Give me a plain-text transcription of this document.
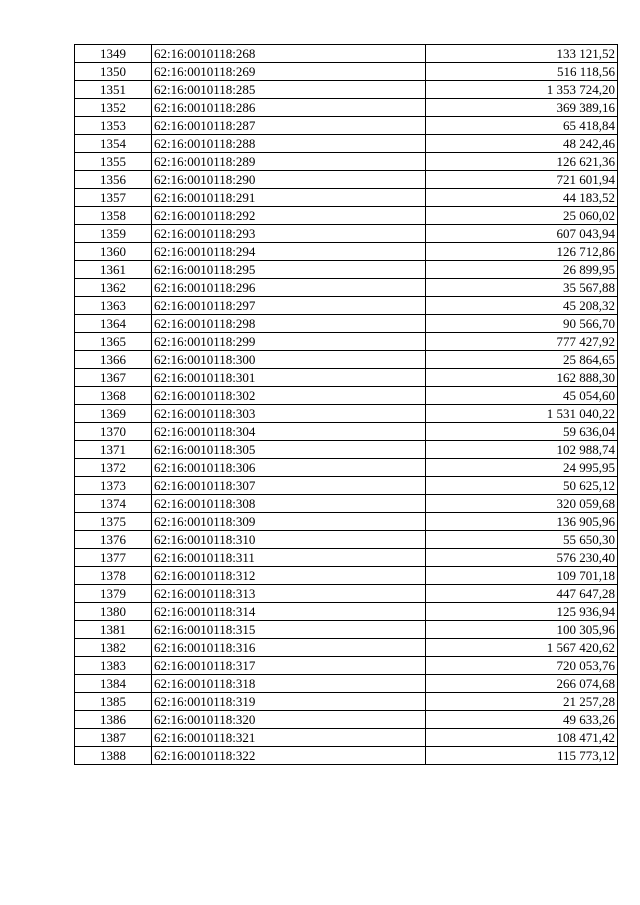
1349	62:16:0010118:268	133 121,52
1350	62:16:0010118:269	516 118,56
1351	62:16:0010118:285	1 353 724,20
1352	62:16:0010118:286	369 389,16
1353	62:16:0010118:287	65 418,84
1354	62:16:0010118:288	48 242,46
1355	62:16:0010118:289	126 621,36
1356	62:16:0010118:290	721 601,94
1357	62:16:0010118:291	44 183,52
1358	62:16:0010118:292	25 060,02
1359	62:16:0010118:293	607 043,94
1360	62:16:0010118:294	126 712,86
1361	62:16:0010118:295	26 899,95
1362	62:16:0010118:296	35 567,88
1363	62:16:0010118:297	45 208,32
1364	62:16:0010118:298	90 566,70
1365	62:16:0010118:299	777 427,92
1366	62:16:0010118:300	25 864,65
1367	62:16:0010118:301	162 888,30
1368	62:16:0010118:302	45 054,60
1369	62:16:0010118:303	1 531 040,22
1370	62:16:0010118:304	59 636,04
1371	62:16:0010118:305	102 988,74
1372	62:16:0010118:306	24 995,95
1373	62:16:0010118:307	50 625,12
1374	62:16:0010118:308	320 059,68
1375	62:16:0010118:309	136 905,96
1376	62:16:0010118:310	55 650,30
1377	62:16:0010118:311	576 230,40
1378	62:16:0010118:312	109 701,18
1379	62:16:0010118:313	447 647,28
1380	62:16:0010118:314	125 936,94
1381	62:16:0010118:315	100 305,96
1382	62:16:0010118:316	1 567 420,62
1383	62:16:0010118:317	720 053,76
1384	62:16:0010118:318	266 074,68
1385	62:16:0010118:319	21 257,28
1386	62:16:0010118:320	49 633,26
1387	62:16:0010118:321	108 471,42
1388	62:16:0010118:322	115 773,12
